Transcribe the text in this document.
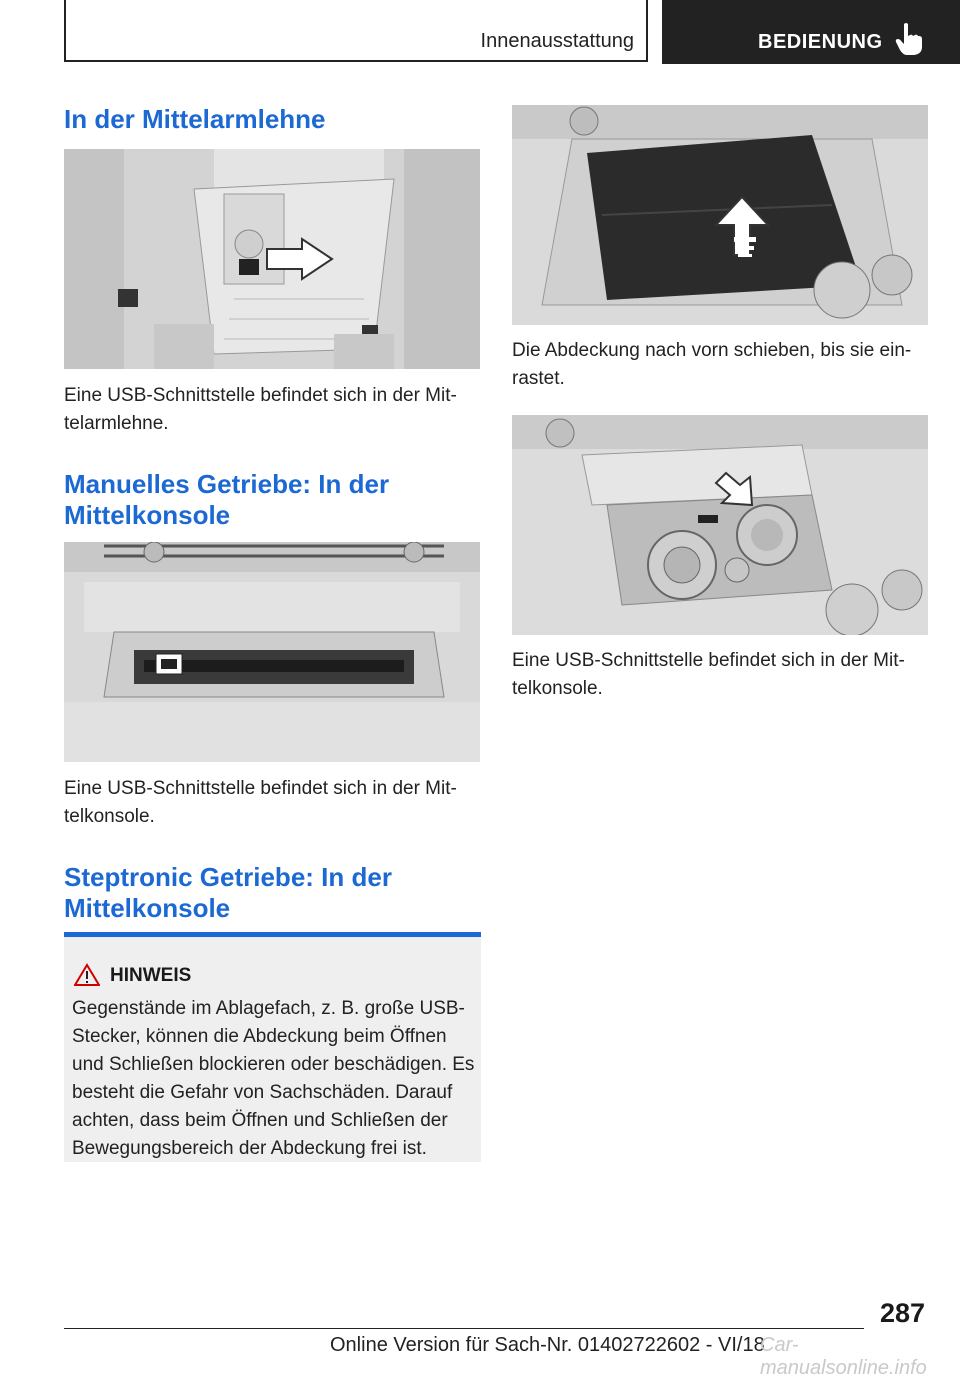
Innenausstattung	BEDIENUNG
In der Mittelarmlehne
Eine USB-Schnittstelle befindet sich in der Mit-
telarmlehne.
Manuelles Getriebe: In der
Mittelkonsole
Eine USB-Schnittstelle befindet sich in der Mit-
telkonsole.
Steptronic Getriebe: In der
Mittelkonsole
HINWEIS
Gegenstände im Ablagefach, z. B. große USB-
Stecker, können die Abdeckung beim Öffnen
und Schließen blockieren oder beschädigen. Es
besteht die Gefahr von Sachschäden. Darauf
achten, dass beim Öffnen und Schließen der
Bewegungsbereich der Abdeckung frei ist.
Die Abdeckung nach vorn schieben, bis sie ein-
rastet.
Eine USB-Schnittstelle befindet sich in der Mit-
telkonsole.
287
Online Version für Sach-Nr. 01402722602 - VI/18
Car-manualsonline.info
